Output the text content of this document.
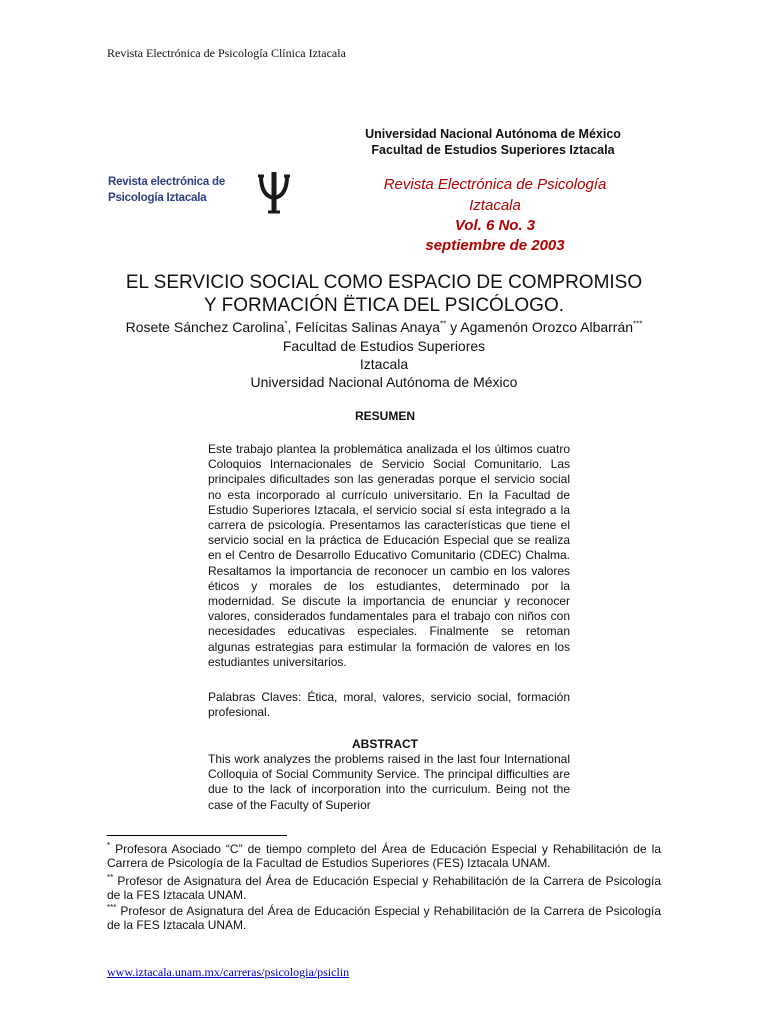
Revista Electrónica de Psicología Clínica Iztacala
Universidad Nacional Autónoma de México
Facultad de Estudios Superiores Iztacala
Revista electrónica de
Psicología Iztacala
Revista Electrónica de Psicología
Iztacala
Vol. 6 No. 3
septiembre de 2003
EL SERVICIO SOCIAL COMO ESPACIO DE COMPROMISO
Y FORMACIÓN ËTICA DEL PSICÓLOGO.
Rosete Sánchez Carolina*, Felícitas Salinas Anaya** y Agamenón Orozco Albarrán***
Facultad de Estudios Superiores
Iztacala
Universidad Nacional Autónoma de México
RESUMEN

Este trabajo plantea la problemática analizada el los últimos cuatro Coloquios Internacionales de Servicio Social Comunitario. Las principales dificultades son las generadas porque el servicio social no esta incorporado al currículo universitario. En la Facultad de Estudio Superiores Iztacala, el servicio social sí esta integrado a la carrera de psicología. Presentamos las características que tiene el servicio social en la práctica de Educación Especial que se realiza en el Centro de Desarrollo Educativo Comunitario (CDEC) Chalma. Resaltamos la importancia de reconocer un cambio en los valores éticos y morales de los estudiantes, determinado por la modernidad. Se discute la importancia de enunciar y reconocer valores, considerados fundamentales para el trabajo con niños con necesidades educativas especiales. Finalmente se retoman algunas estrategias para estimular la formación de valores en los estudiantes universitarios.

Palabras Claves: Ética, moral, valores, servicio social, formación profesional.

ABSTRACT

This work analyzes the problems raised in the last four International Colloquia of Social Community Service. The principal difficulties are due to the lack of incorporation into the curriculum. Being not the case of the Faculty of Superior

* Profesora Asociado “C” de tiempo completo del Área de Educación Especial y Rehabilitación de la Carrera de Psicología de la Facultad de Estudios Superiores (FES) Iztacala UNAM.
** Profesor de Asignatura del Área de Educación Especial y Rehabilitación de la Carrera de Psicología de la FES Iztacala UNAM.
*** Profesor de Asignatura del Área de Educación Especial y Rehabilitación de la Carrera de Psicología de la FES Iztacala UNAM.
www.iztacala.unam.mx/carreras/psicologia/psiclin
